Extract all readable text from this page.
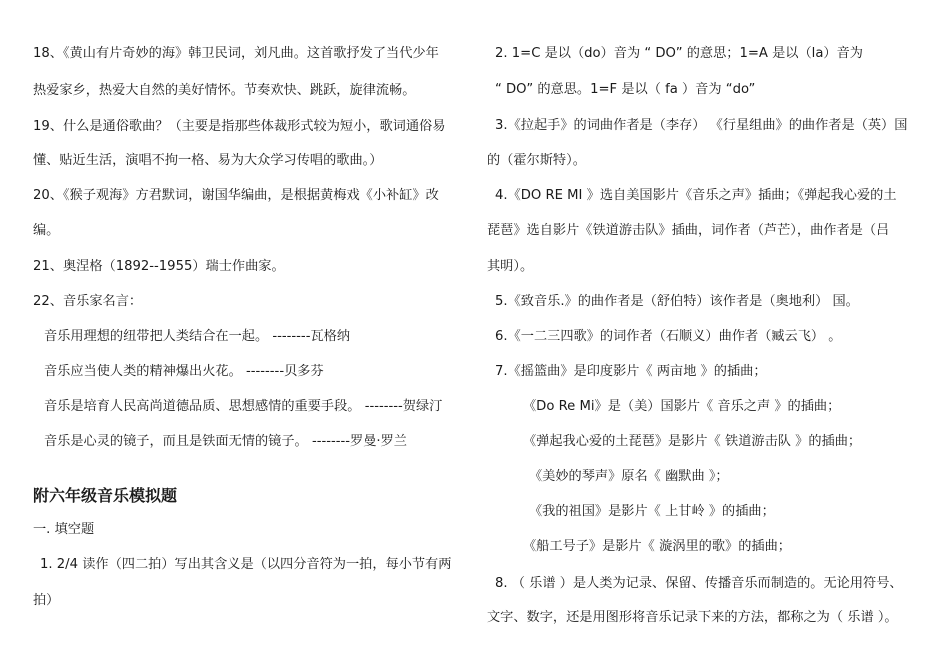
18、《黄山有片奇妙的海》韩卫民词，刘凡曲。这首歌抒发了当代少年
热爱家乡，热爱大自然的美好情怀。节奏欢快、跳跃，旋律流畅。
19、什么是通俗歌曲？（主要是指那些体裁形式较为短小，歌词通俗易
懂、贴近生活，演唱不拘一格、易为大众学习传唱的歌曲。）
20、《猴子观海》方君默词，谢国华编曲，是根据黄梅戏《小补缸》改
编。
21、奥涅格（1892--1955）瑞士作曲家。
22、音乐家名言：
音乐用理想的纽带把人类结合在一起。 --------瓦格纳
音乐应当使人类的精神爆出火花。 --------贝多芬
音乐是培育人民高尚道德品质、思想感情的重要手段。 --------贺绿汀
音乐是心灵的镜子，而且是铁面无情的镜子。 --------罗曼·罗兰
附六年级音乐模拟题
一. 填空题
1. 2/4 读作（四二拍）写出其含义是（以四分音符为一拍，每小节有两
拍）
2. 1=C 是以（do）音为 “ DO” 的意思；1=A 是以（la）音为
“ DO” 的意思。1=F 是以（ fa ）音为 “do”
3.《拉起手》的词曲作者是（李存） 《行星组曲》的曲作者是（英）国
的（霍尔斯特）。
4.《DO RE MI 》选自美国影片《音乐之声》插曲；《弹起我心爱的土
琵琶》选自影片《铁道游击队》插曲，词作者（芦芒），曲作者是（吕
其明）。
5.《致音乐.》的曲作者是（舒伯特）该作者是（奥地利） 国。
6.《一二三四歌》的词作者（石顺义）曲作者（臧云飞） 。
7.《摇篮曲》是印度影片《 两亩地 》的插曲；
《Do Re Mi》是（美）国影片《 音乐之声 》的插曲；
《弹起我心爱的土琵琶》是影片《 铁道游击队 》的插曲；
《美妙的琴声》原名《 幽默曲 》；
《我的祖国》是影片《 上甘岭 》的插曲；
《船工号子》是影片《 漩涡里的歌》的插曲；
8. （ 乐谱 ）是人类为记录、保留、传播音乐而制造的。无论用符号、
文字、数字，还是用图形将音乐记录下来的方法，都称之为（ 乐谱 ）。
